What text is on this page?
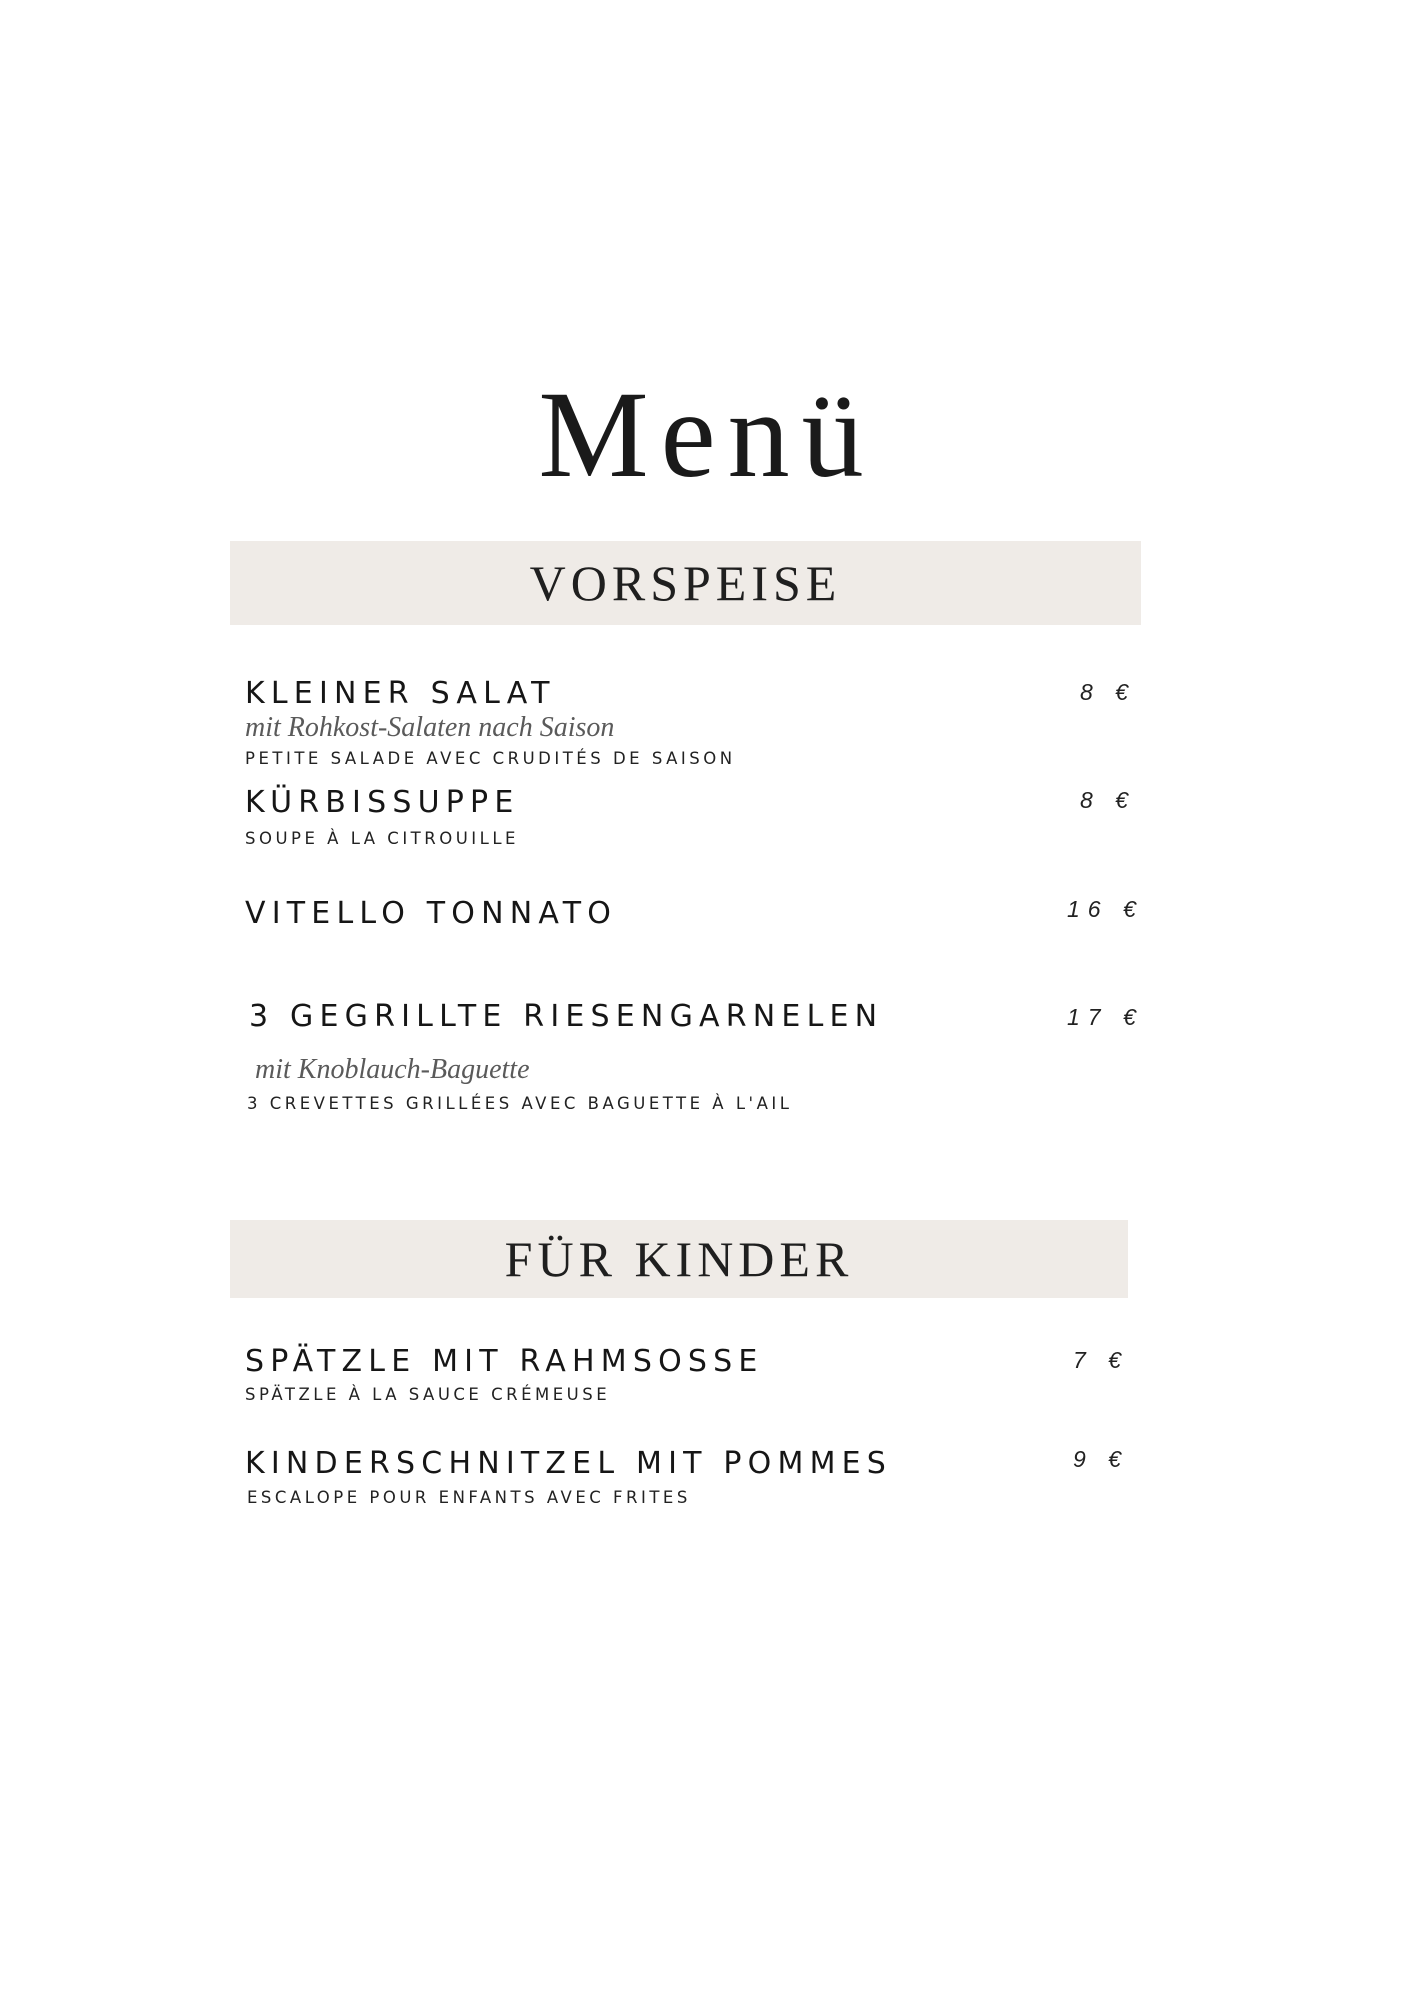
Menü
VORSPEISE
KLEINER SALAT
mit Rohkost-Salaten nach Saison
PETITE SALADE AVEC CRUDITÉS DE SAISON
8 €
KÜRBISSUPPE
SOUPE À LA CITROUILLE
8 €
VITELLO TONNATO	16 €
3 GEGRILLTE RIESENGARNELEN
mit Knoblauch-Baguette
3 CREVETTES GRILLÉES AVEC BAGUETTE À L'AIL
17 €
FÜR KINDER
SPÄTZLE MIT RAHMSOSSE
SPÄTZLE À LA SAUCE CRÉMEUSE
7 €
KINDERSCHNITZEL MIT POMMES
ESCALOPE POUR ENFANTS AVEC FRITES
9 €
